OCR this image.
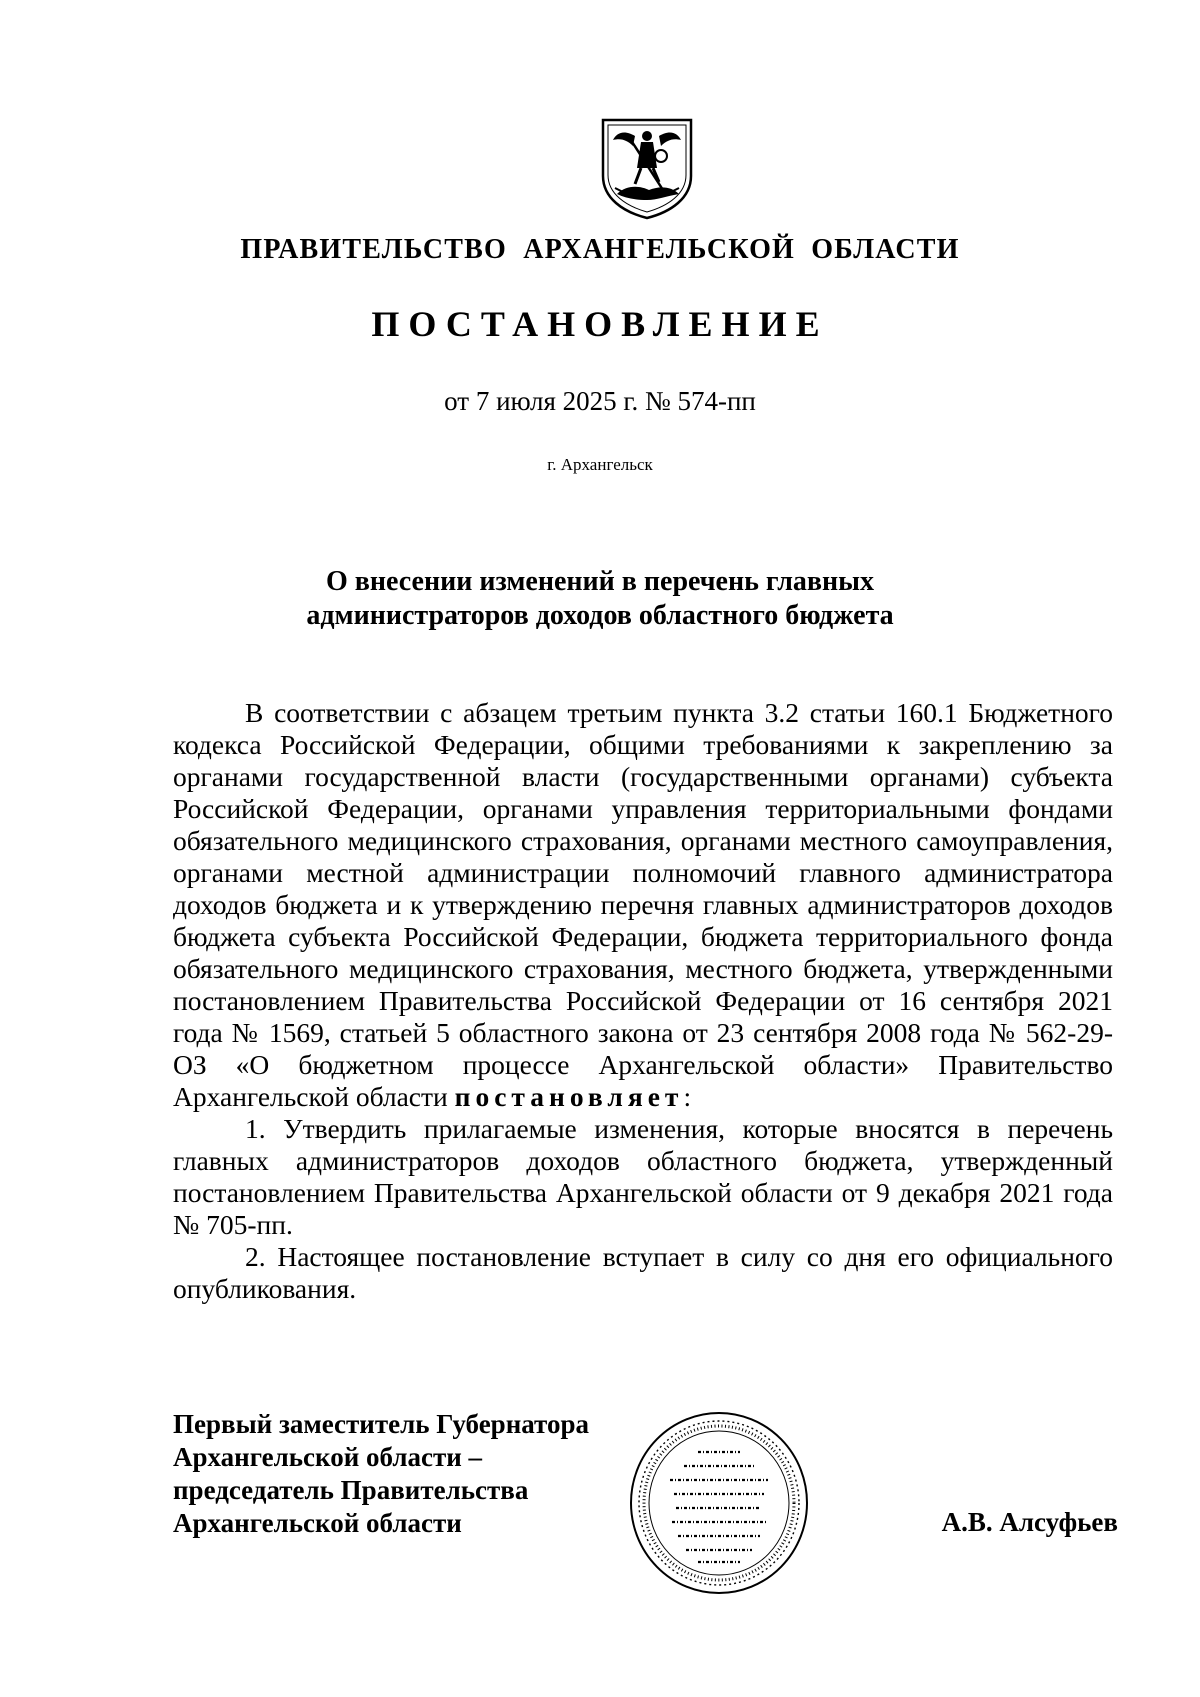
ПРАВИТЕЛЬСТВО АРХАНГЕЛЬСКОЙ ОБЛАСТИ
ПОСТАНОВЛЕНИЕ
от 7 июля 2025 г. № 574-пп
г. Архангельск
О внесении изменений в перечень главных
администраторов доходов областного бюджета

В соответствии с абзацем третьим пункта 3.2 статьи 160.1 Бюджетного кодекса Российской Федерации, общими требованиями к закреплению за органами государственной власти (государственными органами) субъекта Российской Федерации, органами управления территориальными фондами обязательного медицинского страхования, органами местного самоуправления, органами местной администрации полномочий главного администратора доходов бюджета и к утверждению перечня главных администраторов доходов бюджета субъекта Российской Федерации, бюджета территориального фонда обязательного медицинского страхования, местного бюджета, утвержденными постановлением Правительства Российской Федерации от 16 сентября 2021 года № 1569, статьей 5 областного закона от 23 сентября 2008 года № 562-29-ОЗ «О бюджетном процессе Архангельской области» Правительство Архангельской области постановляет:

1. Утвердить прилагаемые изменения, которые вносятся в перечень главных администраторов доходов областного бюджета, утвержденный постановлением Правительства Архангельской области от 9 декабря 2021 года № 705-пп.

2. Настоящее постановление вступает в силу со дня его официального опубликования.

Первый заместитель Губернатора
Архангельской области –
председатель Правительства
Архангельской области	А.В. Алсуфьев
